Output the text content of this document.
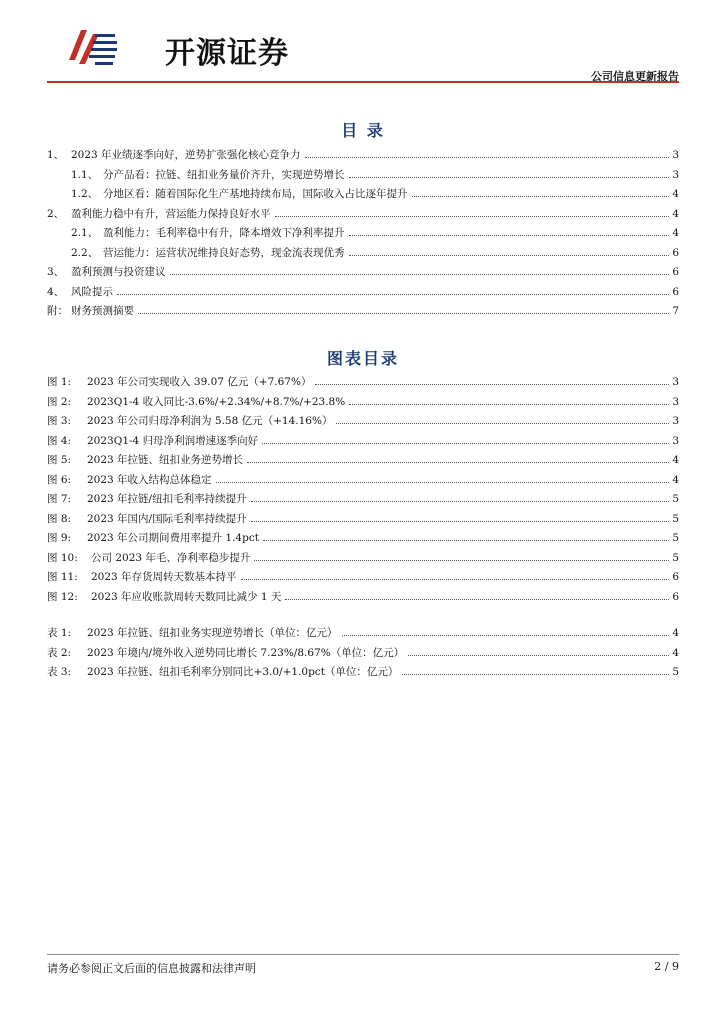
开源证券
公司信息更新报告
目 录
1、 2023 年业绩逐季向好，逆势扩张强化核心竞争力	3
1.1、 分产品看：拉链、纽扣业务量价齐升，实现逆势增长	3
1.2、 分地区看：随着国际化生产基地持续布局，国际收入占比逐年提升	4
2、 盈利能力稳中有升，营运能力保持良好水平	4
2.1、 盈利能力：毛利率稳中有升，降本增效下净利率提升	4
2.2、 营运能力：运营状况维持良好态势，现金流表现优秀	6
3、 盈利预测与投资建议	6
4、 风险提示	6
附： 财务预测摘要	7
图表目录
图 1: 2023 年公司实现收入 39.07 亿元（+7.67%）	3
图 2: 2023Q1-4 收入同比-3.6%/+2.34%/+8.7%/+23.8%	3
图 3: 2023 年公司归母净利润为 5.58 亿元（+14.16%）	3
图 4: 2023Q1-4 归母净利润增速逐季向好	3
图 5: 2023 年拉链、纽扣业务逆势增长	4
图 6: 2023 年收入结构总体稳定	4
图 7: 2023 年拉链/纽扣毛利率持续提升	5
图 8: 2023 年国内/国际毛利率持续提升	5
图 9: 2023 年公司期间费用率提升 1.4pct	5
图 10: 公司 2023 年毛、净利率稳步提升	5
图 11: 2023 年存货周转天数基本持平	6
图 12: 2023 年应收账款周转天数同比减少 1 天	6
表 1: 2023 年拉链、纽扣业务实现逆势增长（单位：亿元）	4
表 2: 2023 年境内/境外收入逆势同比增长 7.23%/8.67%（单位：亿元）	4
表 3: 2023 年拉链、纽扣毛利率分别同比+3.0/+1.0pct（单位：亿元）	5
请务必参阅正文后面的信息披露和法律声明	2 / 9
